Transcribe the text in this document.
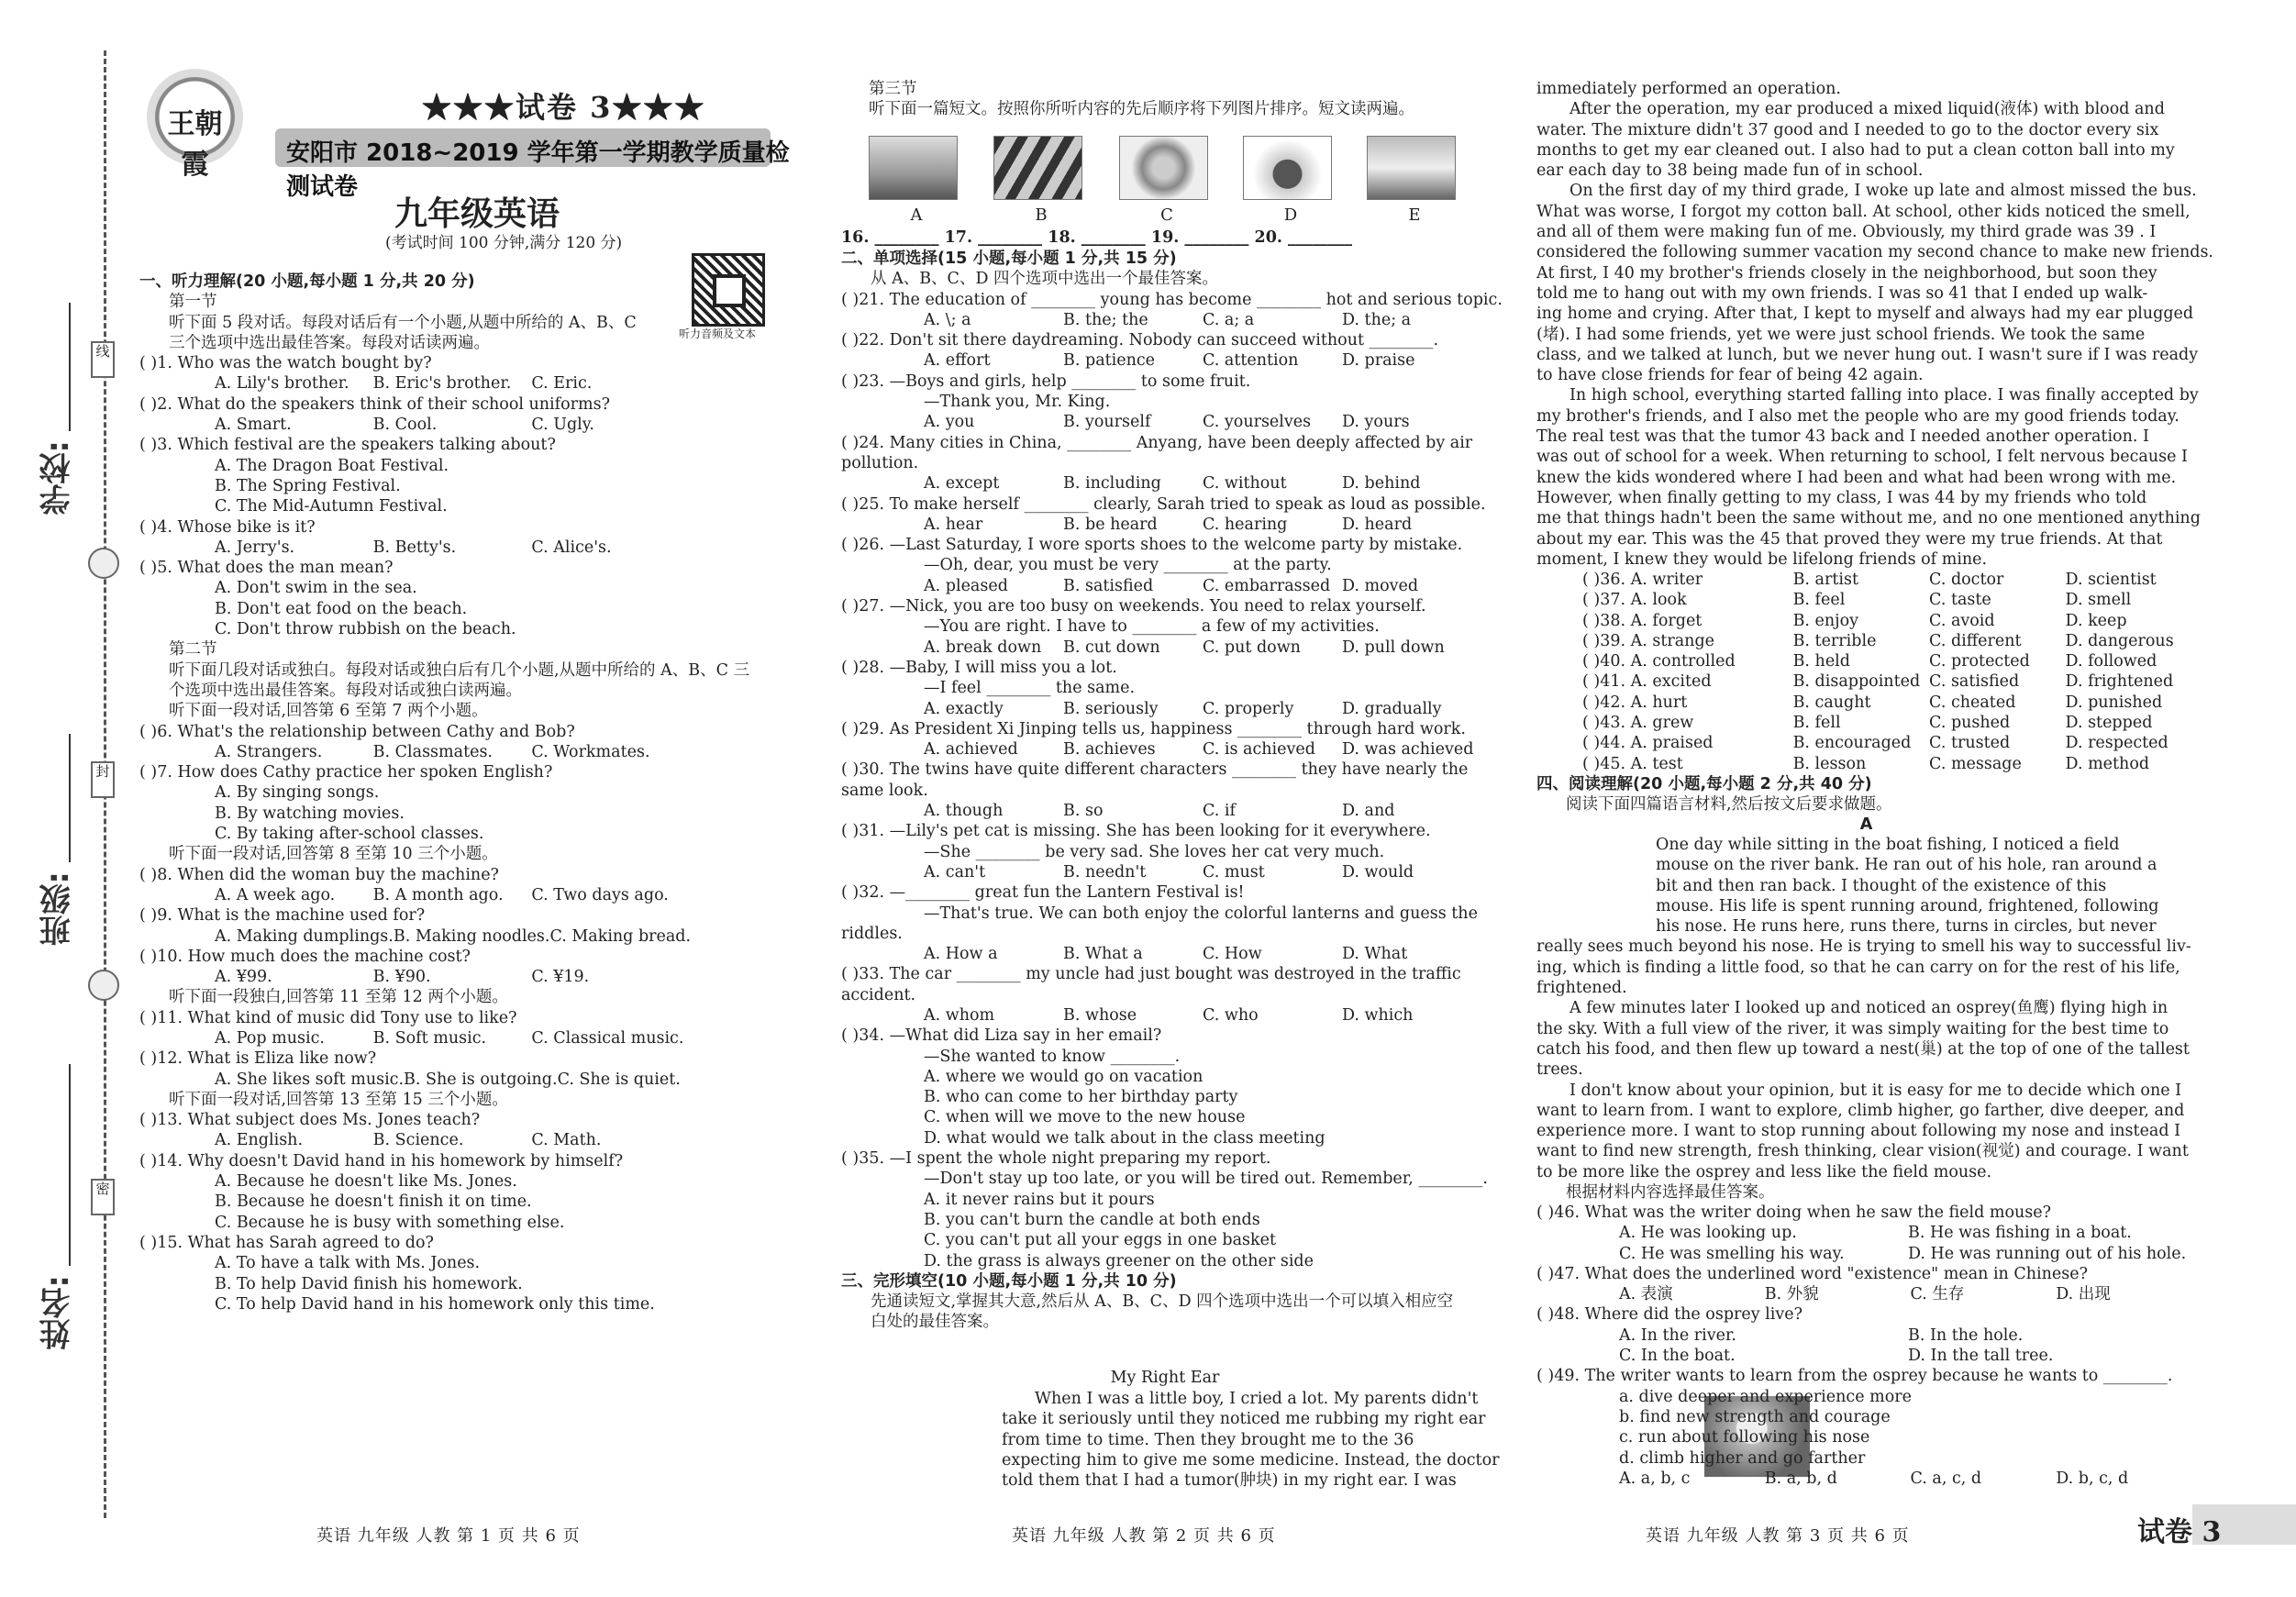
学校:
班级:
姓名:
线
封
密
王朝霞
★★★试卷 3★★★
安阳市 2018~2019 学年第一学期教学质量检测试卷
九年级英语
(考试时间 100 分钟,满分 120 分)
听力音频及文本
一、听力理解(20 小题,每小题 1 分,共 20 分)
第一节
听下面 5 段对话。每段对话后有一个小题,从题中所给的 A、B、C
三个选项中选出最佳答案。每段对话读两遍。
( )1. Who was the watch bought by?
A. Lily's brother.	B. Eric's brother.	C. Eric.
( )2. What do the speakers think of their school uniforms?
A. Smart.	B. Cool.	C. Ugly.
( )3. Which festival are the speakers talking about?
A. The Dragon Boat Festival.
B. The Spring Festival.
C. The Mid-Autumn Festival.
( )4. Whose bike is it?
A. Jerry's.	B. Betty's.	C. Alice's.
( )5. What does the man mean?
A. Don't swim in the sea.
B. Don't eat food on the beach.
C. Don't throw rubbish on the beach.
第二节
听下面几段对话或独白。每段对话或独白后有几个小题,从题中所给的 A、B、C 三
个选项中选出最佳答案。每段对话或独白读两遍。
听下面一段对话,回答第 6 至第 7 两个小题。
( )6. What's the relationship between Cathy and Bob?
A. Strangers.	B. Classmates.	C. Workmates.
( )7. How does Cathy practice her spoken English?
A. By singing songs.
B. By watching movies.
C. By taking after-school classes.
听下面一段对话,回答第 8 至第 10 三个小题。
( )8. When did the woman buy the machine?
A. A week ago.	B. A month ago.	C. Two days ago.
( )9. What is the machine used for?
A. Making dumplings. B. Making noodles. C. Making bread.
( )10. How much does the machine cost?
A. ¥99.	B. ¥90.	C. ¥19.
听下面一段独白,回答第 11 至第 12 两个小题。
( )11. What kind of music did Tony use to like?
A. Pop music.	B. Soft music.	C. Classical music.
( )12. What is Eliza like now?
A. She likes soft music. B. She is outgoing. C. She is quiet.
听下面一段对话,回答第 13 至第 15 三个小题。
( )13. What subject does Ms. Jones teach?
A. English.	B. Science.	C. Math.
( )14. Why doesn't David hand in his homework by himself?
A. Because he doesn't like Ms. Jones.
B. Because he doesn't finish it on time.
C. Because he is busy with something else.
( )15. What has Sarah agreed to do?
A. To have a talk with Ms. Jones.
B. To help David finish his homework.
C. To help David hand in his homework only this time.
英语 九年级 人教 第 1 页 共 6 页
第三节
听下面一篇短文。按照你所听内容的先后顺序将下列图片排序。短文读两遍。
A	B	C	D	E
16. ________ 17. ________ 18. ________ 19. ________ 20. ________
二、单项选择(15 小题,每小题 1 分,共 15 分)
从 A、B、C、D 四个选项中选出一个最佳答案。
( )21. The education of ________ young has become ________ hot and serious topic.
A. \; a	B. the; the	C. a; a	D. the; a
( )22. Don't sit there daydreaming. Nobody can succeed without ________.
A. effort	B. patience	C. attention	D. praise
( )23. —Boys and girls, help ________ to some fruit.
—Thank you, Mr. King.
A. you	B. yourself	C. yourselves	D. yours
( )24. Many cities in China, ________ Anyang, have been deeply affected by air
pollution.
A. except	B. including	C. without	D. behind
( )25. To make herself ________ clearly, Sarah tried to speak as loud as possible.
A. hear	B. be heard	C. hearing	D. heard
( )26. —Last Saturday, I wore sports shoes to the welcome party by mistake.
—Oh, dear, you must be very ________ at the party.
A. pleased	B. satisfied	C. embarrassed D. moved
( )27. —Nick, you are too busy on weekends. You need to relax yourself.
—You are right. I have to ________ a few of my activities.
A. break down	B. cut down	C. put down	D. pull down
( )28. —Baby, I will miss you a lot.
—I feel ________ the same.
A. exactly	B. seriously	C. properly	D. gradually
( )29. As President Xi Jinping tells us, happiness ________ through hard work.
A. achieved	B. achieves	C. is achieved	D. was achieved
( )30. The twins have quite different characters ________ they have nearly the
same look.
A. though	B. so	C. if	D. and
( )31. —Lily's pet cat is missing. She has been looking for it everywhere.
—She ________ be very sad. She loves her cat very much.
A. can't	B. needn't	C. must	D. would
( )32. —________ great fun the Lantern Festival is!
—That's true. We can both enjoy the colorful lanterns and guess the
riddles.
A. How a	B. What a	C. How	D. What
( )33. The car ________ my uncle had just bought was destroyed in the traffic
accident.
A. whom	B. whose	C. who	D. which
( )34. —What did Liza say in her email?
—She wanted to know ________.
A. where we would go on vacation
B. who can come to her birthday party
C. when will we move to the new house
D. what would we talk about in the class meeting
( )35. —I spent the whole night preparing my report.
—Don't stay up too late, or you will be tired out. Remember, ________.
A. it never rains but it pours
B. you can't burn the candle at both ends
C. you can't put all your eggs in one basket
D. the grass is always greener on the other side
三、完形填空(10 小题,每小题 1 分,共 10 分)
先通读短文,掌握其大意,然后从 A、B、C、D 四个选项中选出一个可以填入相应空
白处的最佳答案。
My Right Ear
When I was a little boy, I cried a lot. My parents didn't
take it seriously until they noticed me rubbing my right ear
from time to time. Then they brought me to the 36
expecting him to give me some medicine. Instead, the doctor
told them that I had a tumor(肿块) in my right ear. I was
英语 九年级 人教 第 2 页 共 6 页
immediately performed an operation.
After the operation, my ear produced a mixed liquid(液体) with blood and
water. The mixture didn't 37 good and I needed to go to the doctor every six
months to get my ear cleaned out. I also had to put a clean cotton ball into my
ear each day to 38 being made fun of in school.
On the first day of my third grade, I woke up late and almost missed the bus.
What was worse, I forgot my cotton ball. At school, other kids noticed the smell,
and all of them were making fun of me. Obviously, my third grade was 39 . I
considered the following summer vacation my second chance to make new friends.
At first, I 40 my brother's friends closely in the neighborhood, but soon they
told me to hang out with my own friends. I was so 41 that I ended up walk-
ing home and crying. After that, I kept to myself and always had my ear plugged
(堵). I had some friends, yet we were just school friends. We took the same
class, and we talked at lunch, but we never hung out. I wasn't sure if I was ready
to have close friends for fear of being 42 again.
In high school, everything started falling into place. I was finally accepted by
my brother's friends, and I also met the people who are my good friends today.
The real test was that the tumor 43 back and I needed another operation. I
was out of school for a week. When returning to school, I felt nervous because I
knew the kids wondered where I had been and what had been wrong with me.
However, when finally getting to my class, I was 44 by my friends who told
me that things hadn't been the same without me, and no one mentioned anything
about my ear. This was the 45 that proved they were my true friends. At that
moment, I knew they would be lifelong friends of mine.
( )36. A. writer	B. artist	C. doctor	D. scientist
( )37. A. look	B. feel	C. taste	D. smell
( )38. A. forget	B. enjoy	C. avoid	D. keep
( )39. A. strange	B. terrible	C. different	D. dangerous
( )40. A. controlled	B. held	C. protected	D. followed
( )41. A. excited	B. disappointed C. satisfied	D. frightened
( )42. A. hurt	B. caught	C. cheated	D. punished
( )43. A. grew	B. fell	C. pushed	D. stepped
( )44. A. praised	B. encouraged	C. trusted	D. respected
( )45. A. test	B. lesson	C. message	D. method
四、阅读理解(20 小题,每小题 2 分,共 40 分)
阅读下面四篇语言材料,然后按文后要求做题。
A
One day while sitting in the boat fishing, I noticed a field
mouse on the river bank. He ran out of his hole, ran around a
bit and then ran back. I thought of the existence of this
mouse. His life is spent running around, frightened, following
his nose. He runs here, runs there, turns in circles, but never
really sees much beyond his nose. He is trying to smell his way to successful liv-
ing, which is finding a little food, so that he can carry on for the rest of his life,
frightened.
A few minutes later I looked up and noticed an osprey(鱼鹰) flying high in
the sky. With a full view of the river, it was simply waiting for the best time to
catch his food, and then flew up toward a nest(巢) at the top of one of the tallest
trees.
I don't know about your opinion, but it is easy for me to decide which one I
want to learn from. I want to explore, climb higher, go farther, dive deeper, and
experience more. I want to stop running about following my nose and instead I
want to find new strength, fresh thinking, clear vision(视觉) and courage. I want
to be more like the osprey and less like the field mouse.
根据材料内容选择最佳答案。
( )46. What was the writer doing when he saw the field mouse?
A. He was looking up.	B. He was fishing in a boat.
C. He was smelling his way.	D. He was running out of his hole.
( )47. What does the underlined word "existence" mean in Chinese?
A. 表演	B. 外貌	C. 生存	D. 出现
( )48. Where did the osprey live?
A. In the river.	B. In the hole.
C. In the boat.	D. In the tall tree.
( )49. The writer wants to learn from the osprey because he wants to ________.
a. dive deeper and experience more
b. find new strength and courage
c. run about following his nose
d. climb higher and go farther
A. a, b, c	B. a, b, d	C. a, c, d	D. b, c, d
英语 九年级 人教 第 3 页 共 6 页	试卷 3
